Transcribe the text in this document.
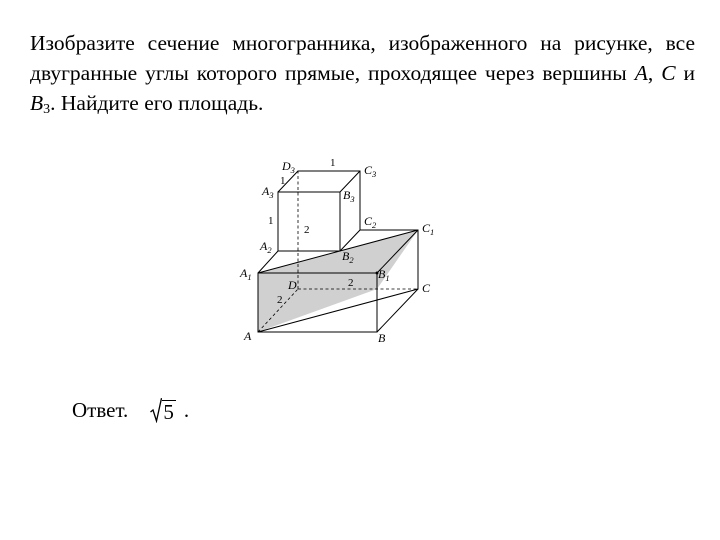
Изобразите сечение многогранника, изображенного на рисунке, все двугранные углы которого прямые, проходящее через вершины A, C и $B_3$. Найдите его площадь.

A	B
C
D
$A_1$	$B_1$
$C_1$
$A_2$	$B_2$
$C_2$
$A_3$	$B_3$
$C_3$
$D_3$
1
1
1
2
2
2
Ответ. 5 .
